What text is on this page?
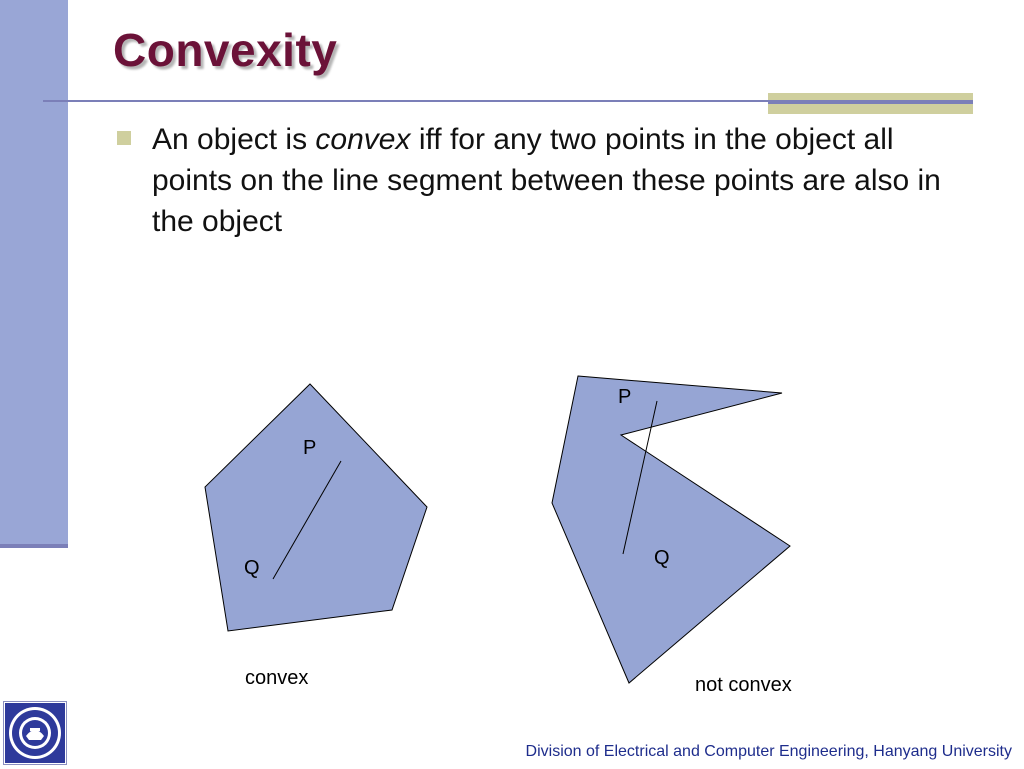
Convexity

An object is convex iff for any two points in the object all points on the line segment between these points are also in the object

P
Q
convex
P
Q
not convex
Division of Electrical and Computer Engineering, Hanyang University
